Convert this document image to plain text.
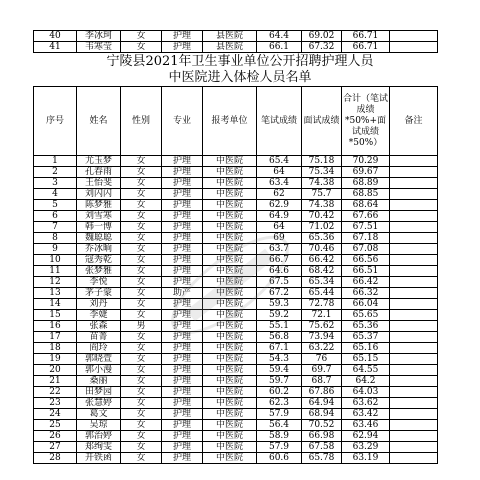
40	李冰珂	女	护理	县医院	64.4	69.02	66.71	
41	韦寒莹	女	护理	县医院	66.1	67.32	66.71	
宁陵县2021年卫生事业单位公开招聘护理人员
中医院进入体检人员名单
序号	姓名	性别	专业	报考单位	笔试成绩	面试成绩	合计（笔试成绩*50%+面试成绩*50%）	备注
1	尤玉梦	女	护理	中医院	65.4	75.18	70.29	
2	孔春雨	女	护理	中医院	64	75.34	69.67	
3	王怡斐	女	护理	中医院	63.4	74.38	68.89	
4	刘闪闪	女	护理	中医院	62	75.7	68.85	
5	陈梦雅	女	护理	中医院	62.9	74.38	68.64	
6	刘雪寒	女	护理	中医院	64.9	70.42	67.66	
7	韩一博	女	护理	中医院	64	71.02	67.51	
8	魏聪聪	女	护理	中医院	69	65.36	67.18	
9	乔冰晌	女	护理	中医院	63.7	70.46	67.08	
10	寇秀乾	女	护理	中医院	66.7	66.42	66.56	
11	张梦雅	女	护理	中医院	64.6	68.42	66.51	
12	李悦	女	护理	中医院	67.5	65.34	66.42	
13	茅子蒙	女	助产	中医院	67.2	65.44	66.32	
14	刘丹	女	护理	中医院	59.3	72.78	66.04	
15	李婕	女	护理	中医院	59.2	72.1	65.65	
16	张森	男	护理	中医院	55.1	75.62	65.36	
17	苗菁	女	护理	中医院	56.8	73.94	65.37	
18	阎玲	女	护理	中医院	67.1	63.22	65.16	
19	郭晓萱	女	护理	中医院	54.3	76	65.15	
20	郭小漫	女	护理	中医院	59.4	69.7	64.55	
21	桑丽	女	护理	中医院	59.7	68.7	64.2	
22	田梦园	女	护理	中医院	60.2	67.86	64.03	
23	张慧婷	女	护理	中医院	62.3	64.94	63.62	
24	葛文	女	护理	中医院	57.9	68.94	63.42	
25	吴琼	女	护理	中医院	56.4	70.52	63.46	
26	郭治婷	女	护理	中医院	58.9	66.98	62.94	
27	郑绚雯	女	护理	中医院	57.9	67.58	63.29	
28	开铁函	女	护理	中医院	60.6	65.78	63.19	
